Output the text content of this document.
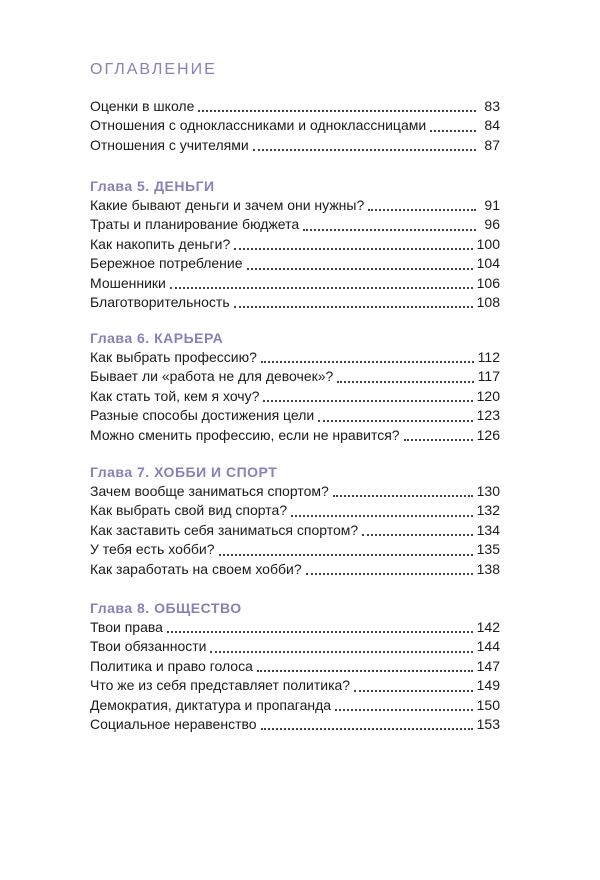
ОГЛАВЛЕНИЕ
Оценки в школе	83
Отношения с одноклассниками и одноклассницами	84
Отношения с учителями	87
Глава 5. ДЕНЬГИ
Какие бывают деньги и зачем они нужны?	91
Траты и планирование бюджета	96
Как накопить деньги?	100
Бережное потребление	104
Мошенники	106
Благотворительность	108
Глава 6. КАРЬЕРА
Как выбрать профессию?	112
Бывает ли «работа не для девочек»?	117
Как стать той, кем я хочу?	120
Разные способы достижения цели	123
Можно сменить профессию, если не нравится?	126
Глава 7. ХОББИ И СПОРТ
Зачем вообще заниматься спортом?	130
Как выбрать свой вид спорта?	132
Как заставить себя заниматься спортом?	134
У тебя есть хобби?	135
Как заработать на своем хобби?	138
Глава 8. ОБЩЕСТВО
Твои права	142
Твои обязанности	144
Политика и право голоса	147
Что же из себя представляет политика?	149
Демократия, диктатура и пропаганда	150
Социальное неравенство	153
